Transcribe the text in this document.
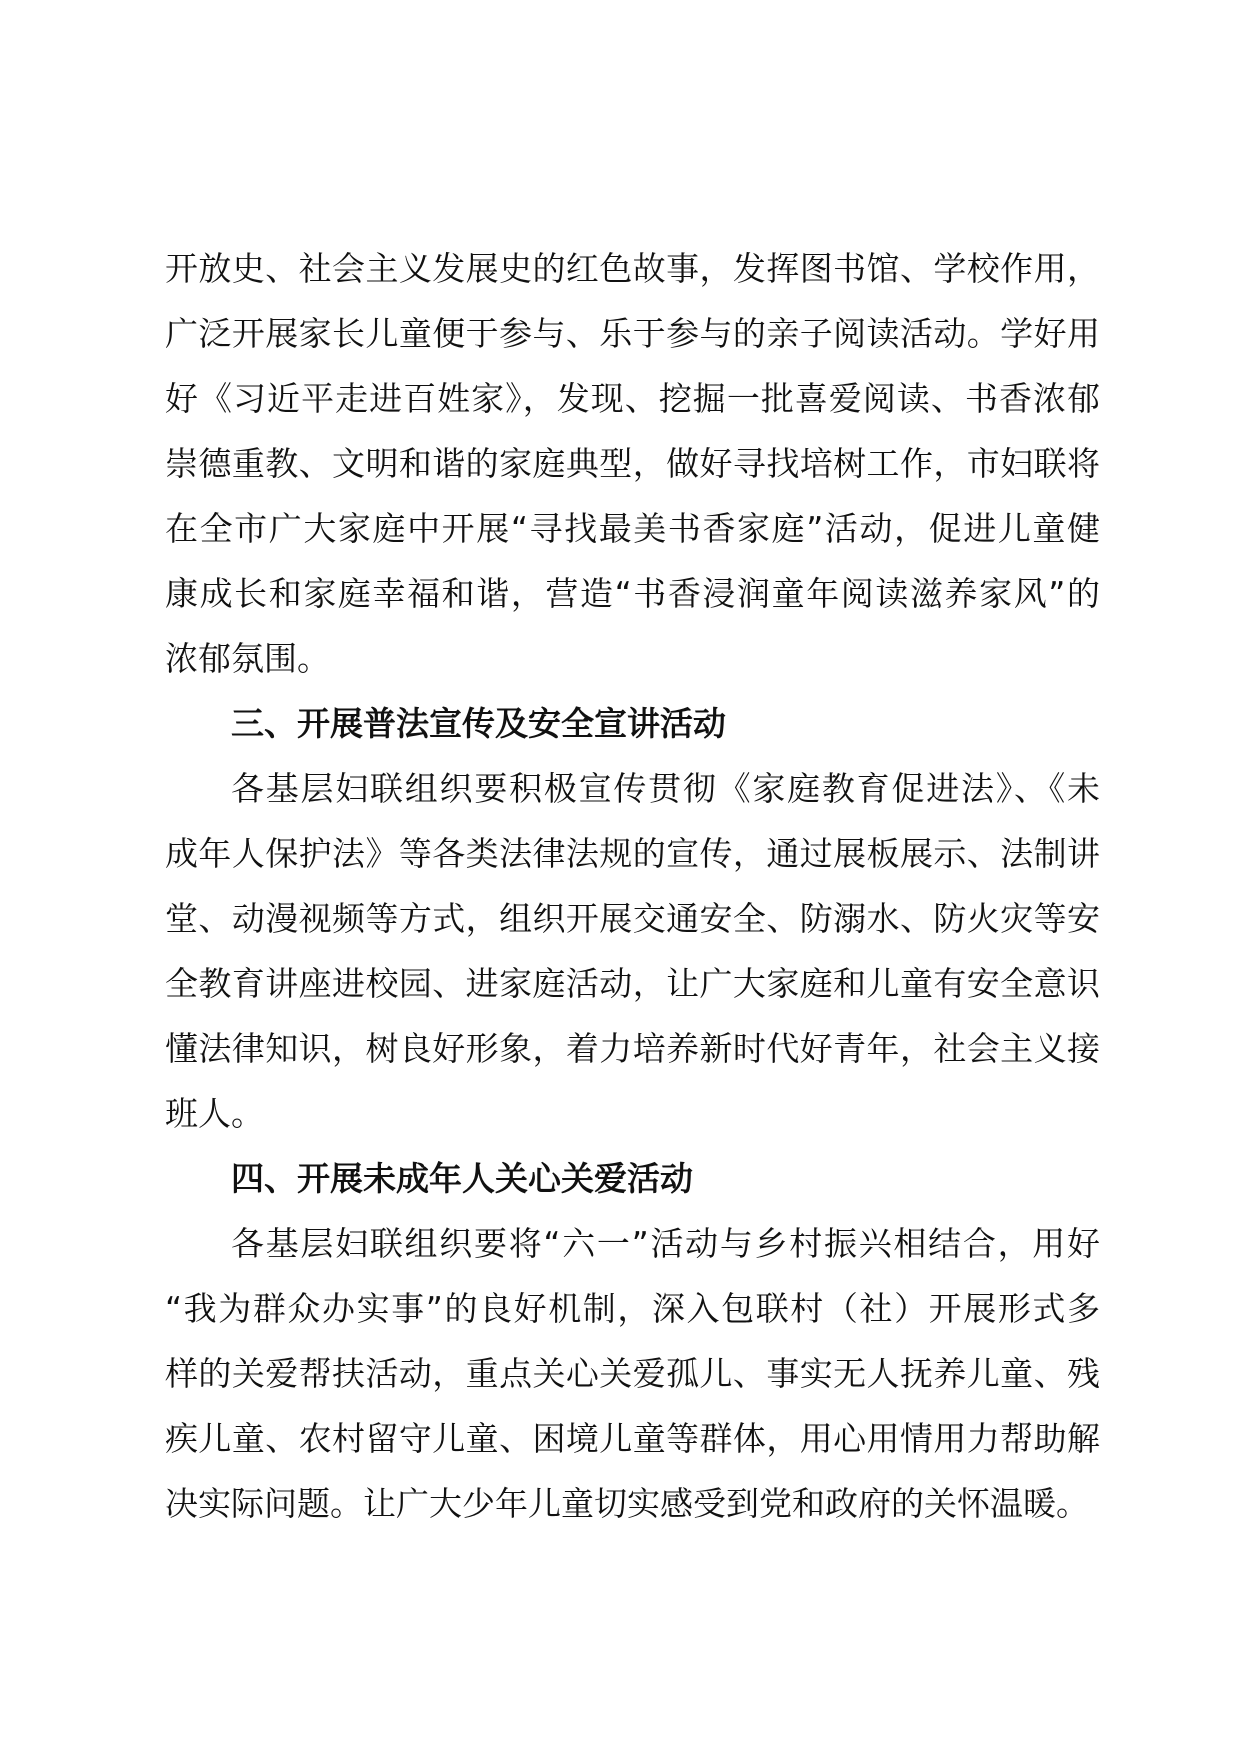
开放史、社会主义发展史的红色故事，发挥图书馆、学校作用，
广泛开展家长儿童便于参与、乐于参与的亲子阅读活动。学好用
好《习近平走进百姓家》，发现、挖掘一批喜爱阅读、书香浓郁
崇德重教、文明和谐的家庭典型，做好寻找培树工作，市妇联将
在全市广大家庭中开展“寻找最美书香家庭”活动，促进儿童健
康成长和家庭幸福和谐，营造“书香浸润童年阅读滋养家风”的
浓郁氛围。

三、开展普法宣传及安全宣讲活动

各基层妇联组织要积极宣传贯彻《家庭教育促进法》、《未
成年人保护法》等各类法律法规的宣传，通过展板展示、法制讲
堂、动漫视频等方式，组织开展交通安全、防溺水、防火灾等安
全教育讲座进校园、进家庭活动，让广大家庭和儿童有安全意识
懂法律知识，树良好形象，着力培养新时代好青年，社会主义接
班人。

四、开展未成年人关心关爱活动

各基层妇联组织要将“六一”活动与乡村振兴相结合，用好
“我为群众办实事”的良好机制，深入包联村（社）开展形式多
样的关爱帮扶活动，重点关心关爱孤儿、事实无人抚养儿童、残
疾儿童、农村留守儿童、困境儿童等群体，用心用情用力帮助解
决实际问题。让广大少年儿童切实感受到党和政府的关怀温暖。
